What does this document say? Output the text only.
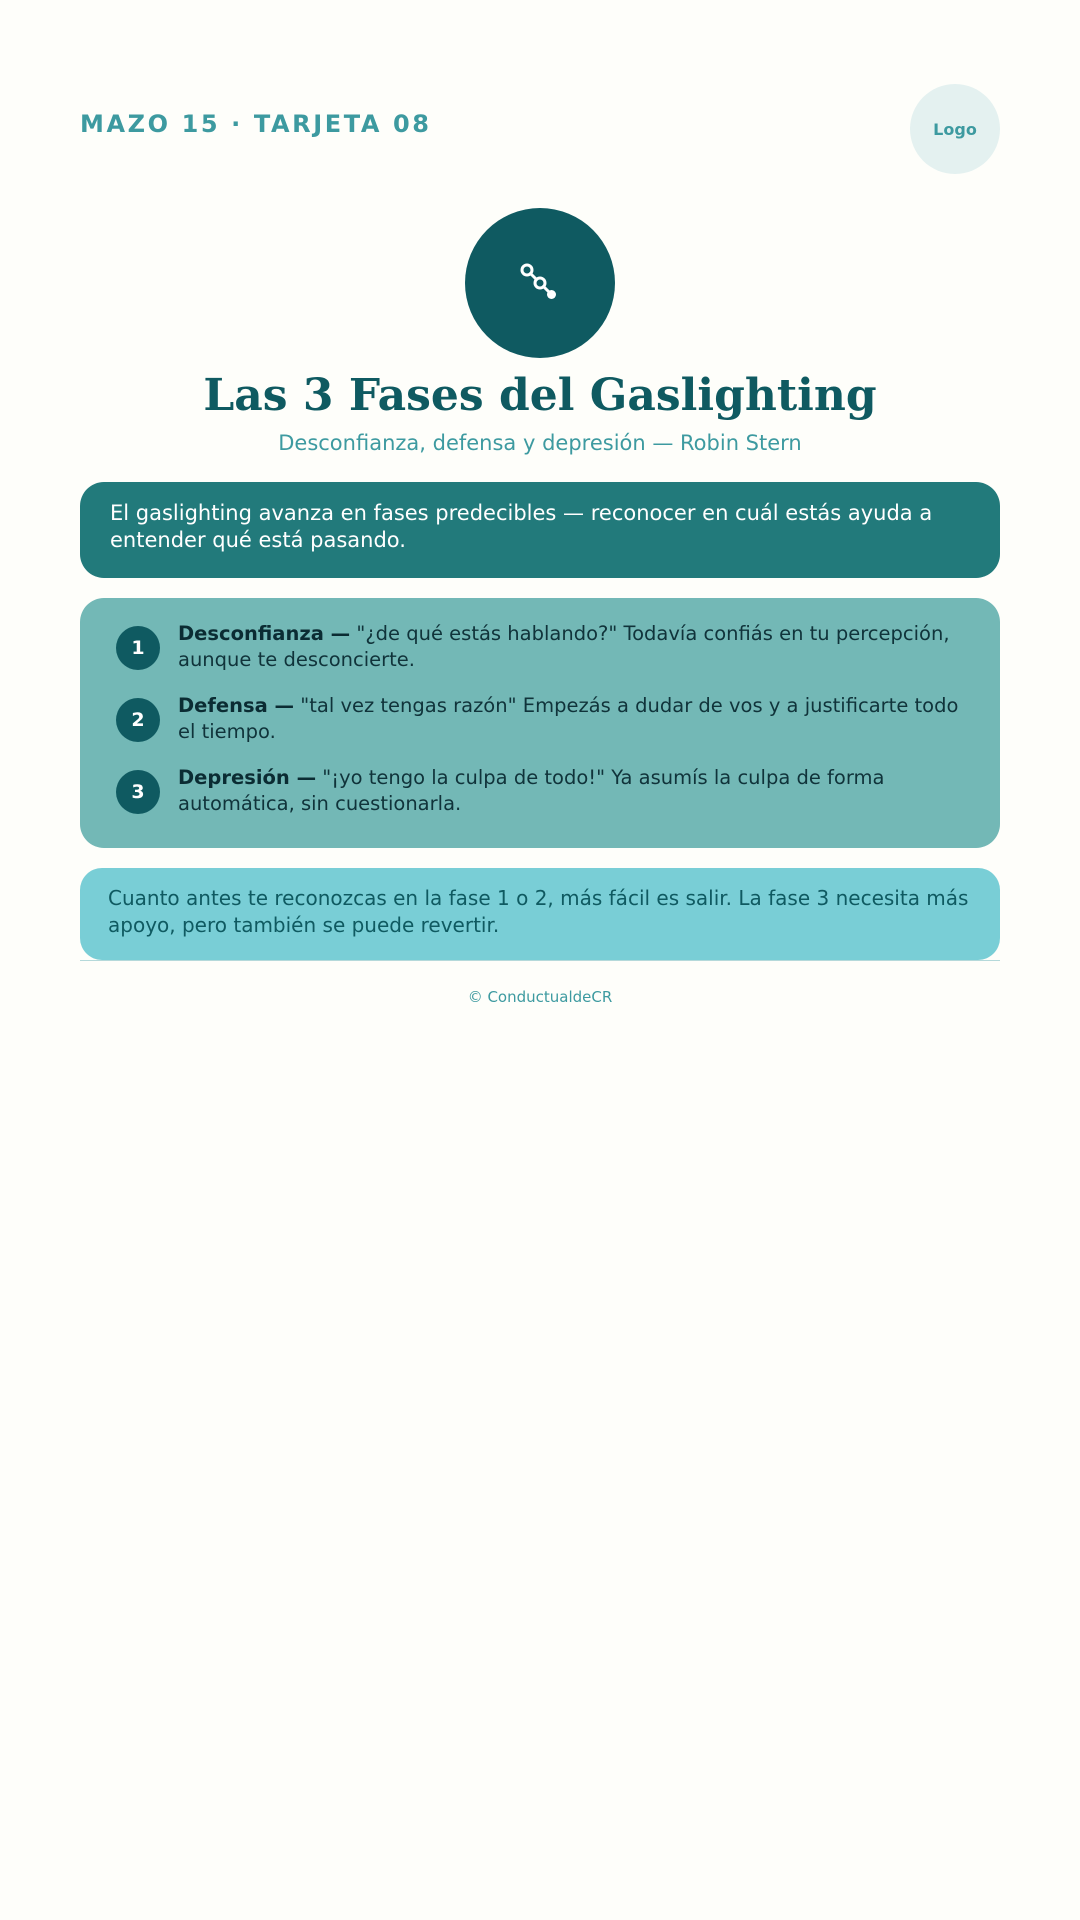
MAZO 15 · TARJETA 08	Logo
Las 3 Fases del Gaslighting
Desconfianza, defensa y depresión — Robin Stern
El gaslighting avanza en fases predecibles — reconocer en cuál estás ayuda a entender qué está pasando.
1
Desconfianza — "¿de qué estás hablando?" Todavía confiás en tu percepción, aunque te desconcierte.
2
Defensa — "tal vez tengas razón" Empezás a dudar de vos y a justificarte todo el tiempo.
3
Depresión — "¡yo tengo la culpa de todo!" Ya asumís la culpa de forma automática, sin cuestionarla.
Cuanto antes te reconozcas en la fase 1 o 2, más fácil es salir. La fase 3 necesita más apoyo, pero también se puede revertir.
© ConductualdeCR
